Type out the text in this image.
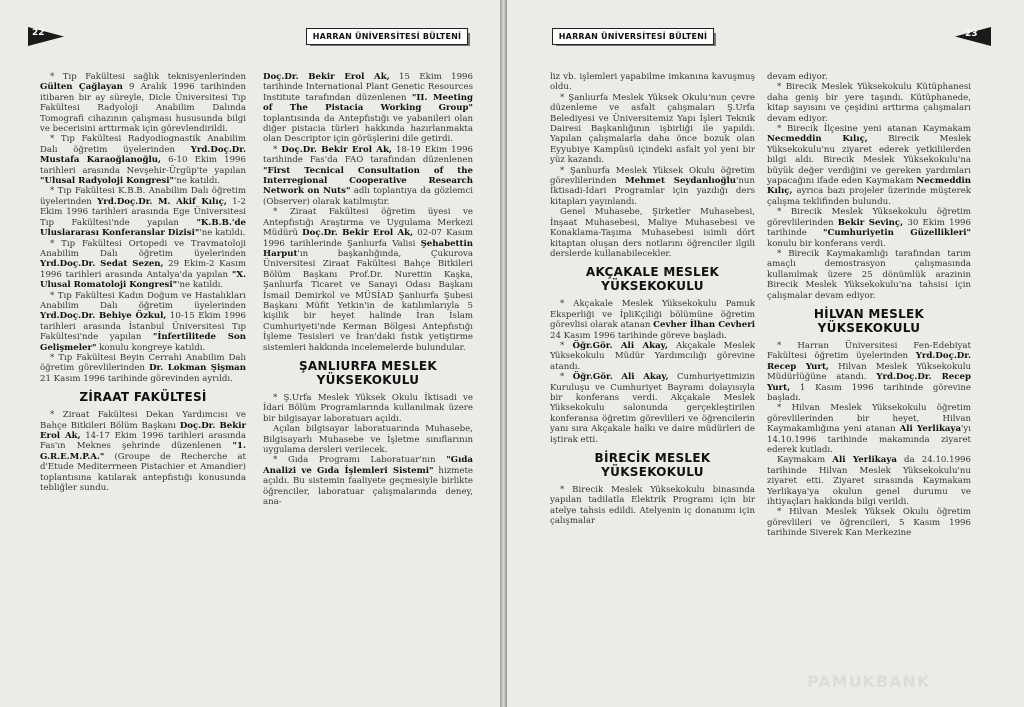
22	HARRAN ÜNİVERSİTESİ BÜLTENİ

* Tıp Fakültesi sağlık teknisyenlerinden Gülten Çağlayan 9 Aralık 1996 tarihinden itibaren bir ay süreyle, Dicle Üniversitesi Tıp Fakültesi Radyoloji Anabilim Dalında Tomografi cihazının çalışması hususunda bilgi ve becerisini arttırmak için görevlendirildi.

* Tıp Fakültesi Radyodiognastik Anabilim Dalı öğretim üyelerinden Yrd.Doç.Dr. Mustafa Karaoğlanoğlu, 6-10 Ekim 1996 tarihleri arasında Nevşehir-Ürgüp'te yapılan "Ulusal Radyoloji Kongresi"'ne katıldı.

* Tıp Fakültesi K.B.B. Anabilim Dalı öğretim üyelerinden Yrd.Doç.Dr. M. Akif Kılıç, 1-2 Ekim 1996 tarihleri arasında Ege Üniversitesi Tıp Fakültesi'nde yapılan "K.B.B.'de Uluslararası Konferanslar Dizisi"'ne katıldı.

* Tıp Fakültesi Ortopedi ve Travmatoloji Anabilim Dalı öğretim üyelerinden Yrd.Doç.Dr. Sedat Sezen, 29 Ekim-2 Kasım 1996 tarihleri arasında Antalya'da yapılan "X. Ulusal Romatoloji Kongresi"'ne katıldı.

* Tıp Fakültesi Kadın Doğum ve Hastalıkları Anabilim Dalı öğretim üyelerinden Yrd.Doç.Dr. Behiye Özkul, 10-15 Ekim 1996 tarihleri arasında İstanbul Üniversitesi Tıp Fakültesi'nde yapılan "İnfertilitede Son Gelişmeler" konulu kongreye katıldı.

* Tıp Fakültesi Beyin Cerrahi Anabilim Dalı öğretim görevlilerinden Dr. Lokman Şişman 21 Kasım 1996 tarihinde görevinden ayrıldı.

ZİRAAT FAKÜLTESİ

* Ziraat Fakültesi Dekan Yardımcısı ve Bahçe Bitkileri Bölüm Başkanı Doç.Dr. Bekir Erol Ak, 14-17 Ekim 1996 tarihleri arasında Fas'ın Meknes şehrinde düzenlenen "1. G.R.E.M.P.A." (Groupe de Recherche at d'Etude Mediterrneen Pistachier et Amandier) toplantısına katılarak antepfıstığı konusunda tebliğler sundu.

Doç.Dr. Bekir Erol Ak, 15 Ekim 1996 tarihinde International Plant Genetic Resources Institute tarafından düzenlenen "II. Meeting of The Pistacia Working Group" toplantısında da Antepfıstığı ve yabanileri olan diğer pistacia türleri hakkında hazırlanmakta olan Descriptor için görüşlerini dile getirdi.

* Doç.Dr. Bekir Erol Ak, 18-19 Ekim 1996 tarihinde Fas'da FAO tarafından düzenlenen "First Tecnical Consultation of the Interregional Cooperative Research Network on Nuts" adlı toplantıya da gözlemci (Observer) olarak katılmıştır.

* Ziraat Fakültesi öğretim üyesi ve Antepfıstığı Araştırma ve Uygulama Merkezi Müdürü Doç.Dr. Bekir Erol Ak, 02-07 Kasım 1996 tarihlerinde Şanlıurfa Valisi Şehabettin Harput'ın başkanlığında, Çukurova Üniversitesi Ziraat Fakültesi Bahçe Bitkileri Bölüm Başkanı Prof.Dr. Nurettin Kaşka, Şanlıurfa Ticaret ve Sanayi Odası Başkanı İsmail Demirkol ve MÜSİAD Şanlıurfa Şubesi Başkanı Müfit Yetkin'in de katılımlarıyla 5 kişilik bir heyet halinde İran İslam Cumhuriyeti'nde Kerman Bölgesi Antepfıstığı İşleme Tesisleri ve İran'daki fıstık yetiştirme sistemleri hakkında incelemelerde bulundular.

ŞANLIURFA MESLEK YÜKSEKOKULU

* Ş.Urfa Meslek Yüksek Okulu İktisadi ve İdari Bölüm Programlarında kullanılmak üzere bir bilgisayar laboratuarı açıldı.

Açılan bilgisayar laboratuarında Muhasebe, Bilgisayarlı Muhasebe ve İşletme sınıflarının uygulama dersleri verilecek.

* Gıda Programı Laboratuar'nın "Gıda Analizi ve Gıda İşlemleri Sistemi" hizmete açıldı. Bu sistemin faaliyete geçmesiyle birlikte öğrenciler, laboratuar çalışmalarında deney, ana-

HARRAN ÜNİVERSİTESİ BÜLTENİ	23

liz vb. işlemleri yapabilme imkanına kavuşmuş oldu.

* Şanlıurfa Meslek Yüksek Okulu'nun çevre düzenleme ve asfalt çalışmaları Ş.Urfa Belediyesi ve Üniversitemiz Yapı İşleri Teknik Dairesi Başkanlığının işbirliği ile yapıldı. Yapılan çalışmalarla daha önce bozuk olan Eyyubiye Kampüsü içindeki asfalt yol yeni bir yüz kazandı.

* Şanlıurfa Meslek Yüksek Okulu öğretim görevlilerinden Mehmet Seydanlıoğlu'nun İktisadi-İdari Programlar için yazdığı ders kitapları yayınlandı.

Genel Muhasebe, Şirketler Muhasebesi, İnşaat Muhasebesi, Maliye Muhasebesi ve Konaklama-Taşıma Muhasebesi isimli dört kitaptan oluşan ders notlarını öğrenciler ilgili derslerde kullanabilecekler.

AKÇAKALE MESLEK YÜKSEKOKULU

* Akçakale Meslek Yüksekokulu Pamuk Eksperliği ve İpliKçiliği bölümüne öğretim görevlisi olarak atanan Cevher İlhan Cevheri 24 Kasım 1996 tarihinde göreve başladı.

* Öğr.Gör. Ali Akay, Akçakale Meslek Yüksekokulu Müdür Yardımcılığı görevine atandı.

* Öğr.Gör. Ali Akay, Cumhuriyetimizin Kuruluşu ve Cumhuriyet Bayramı dolayısıyla bir konferans verdi. Akçakale Meslek Yüksekokulu salonunda gerçekleştirilen konferansa öğretim görevlileri ve öğrencilerin yanı sıra Akçakale halkı ve daire müdürleri de iştirak etti.

BİRECİK MESLEK YÜKSEKOKULU

* Birecik Meslek Yüksekokulu binasında yapılan tadilatla Elektrik Programı için bir atelye tahsis edildi. Atelyenin iç donanımı için çalışmalar

devam ediyor.

* Birecik Meslek Yüksekokulu Kütüphanesi daha geniş bir yere taşındı. Kütüphanede, kitap sayısını ve çeşidini arttırma çalışmaları devam ediyor.

* Birecik İlçesine yeni atanan Kaymakam Necmeddin Kılıç, Birecik Meslek Yüksekokulu'nu ziyaret ederek yetkililerden bilgi aldı. Birecik Meslek Yüksekokulu'na büyük değer verdiğini ve gereken yardımları yapacağını ifade eden Kaymakam Necmeddin Kılıç, ayrıca bazı projeler üzerinde müşterek çalışma teklifinden bulundu.

* Birecik Meslek Yüksekokulu öğretim görevlilerinden Bekir Sevinç, 30 Ekim 1996 tarihinde "Cumhuriyetin Güzellikleri" konulu bir konferans verdi.

* Birecik Kaymakamlığı tarafından tarım amaçlı demostrasyon çalışmasında kullanılmak üzere 25 dönümlük arazinin Birecik Meslek Yüksekokulu'na tahsisi için çalışmalar devam ediyor.

HİLVAN MESLEK YÜKSEKOKULU

* Harran Üniversitesi Fen-Edebiyat Fakültesi öğretim üyelerinden Yrd.Doç.Dr. Recep Yurt, Hilvan Meslek Yüksekokulu Müdürlüğüne atandı. Yrd.Doç.Dr. Recep Yurt, 1 Kasım 1996 tarihinde görevine başladı.

* Hilvan Meslek Yüksekokulu öğretim görevlilerinden bir heyet, Hilvan Kaymakamlığına yeni atanan Ali Yerlikaya'yı 14.10.1996 tarihinde makamında ziyaret ederek kutladı.

Kaymakam Ali Yerlikaya da 24.10.1996 tarihinde Hilvan Meslek Yüksekokulu'nu ziyaret etti. Ziyaret sırasında Kaymakam Yerlikaya'ya okulun genel durumu ve ihtiyaçları hakkında bilgi verildi.

* Hilvan Meslek Yüksek Okulu öğretim görevlileri ve öğrencileri, 5 Kasım 1996 tarihinde Siverek Kan Merkezine

PAMUKBANK
